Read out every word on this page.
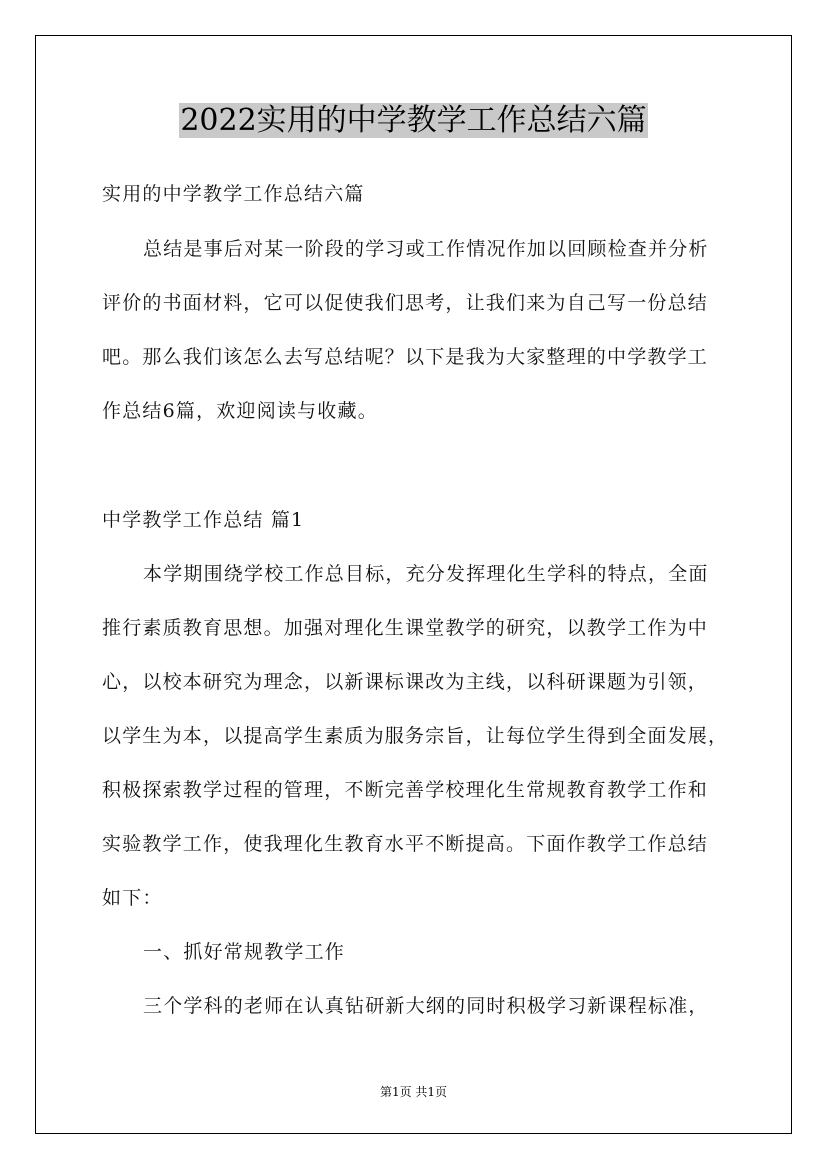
2022实用的中学教学工作总结六篇
实用的中学教学工作总结六篇
总结是事后对某一阶段的学习或工作情况作加以回顾检查并分析
评价的书面材料，它可以促使我们思考，让我们来为自己写一份总结
吧。那么我们该怎么去写总结呢？以下是我为大家整理的中学教学工
作总结6篇，欢迎阅读与收藏。
中学教学工作总结 篇1
本学期围绕学校工作总目标，充分发挥理化生学科的特点，全面
推行素质教育思想。加强对理化生课堂教学的研究，以教学工作为中
心，以校本研究为理念，以新课标课改为主线，以科研课题为引领，
以学生为本，以提高学生素质为服务宗旨，让每位学生得到全面发展，
积极探索教学过程的管理，不断完善学校理化生常规教育教学工作和
实验教学工作，使我理化生教育水平不断提高。下面作教学工作总结
如下：
一、抓好常规教学工作
三个学科的老师在认真钻研新大纲的同时积极学习新课程标准，
第1页 共1页
